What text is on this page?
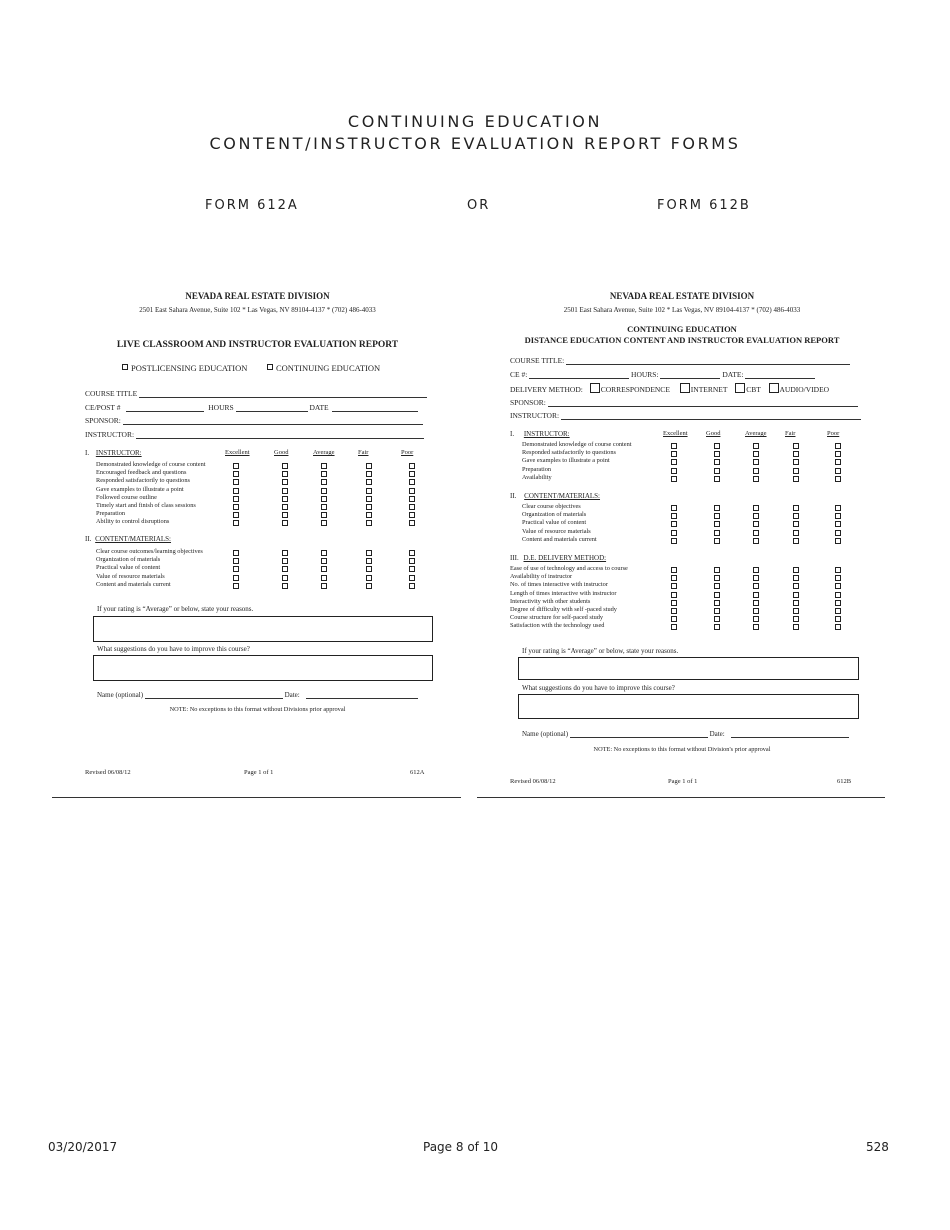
CONTINUING EDUCATION
CONTENT/INSTRUCTOR EVALUATION REPORT FORMS
FORM 612A	OR	FORM 612B
NEVADA REAL ESTATE DIVISION
2501 East Sahara Avenue, Suite 102 * Las Vegas, NV 89104-4137 * (702) 486-4033
LIVE CLASSROOM AND INSTRUCTOR EVALUATION REPORT
POSTLICENSING EDUCATION	CONTINUING EDUCATION
COURSE TITLE
CE/POST #	HOURS	DATE
SPONSOR:
INSTRUCTOR:
I. INSTRUCTOR:	Excellent	Good	Average	Fair	Poor
Demonstrated knowledge of course content
Encouraged feedback and questions
Responded satisfactorily to questions
Gave examples to illustrate a point
Followed course outline
Timely start and finish of class sessions
Preparation
Ability to control disruptions
II. CONTENT/MATERIALS:
Clear course outcomes/learning objectives
Organization of materials
Practical value of content
Value of resource materials
Content and materials current
If your rating is “Average” or below, state your reasons.
What suggestions do you have to improve this course?
Name (optional)	Date:
NOTE: No exceptions to this format without Divisions prior approval
Revised 06/08/12	Page 1 of 1	612A
NEVADA REAL ESTATE DIVISION
2501 East Sahara Avenue, Suite 102 * Las Vegas, NV 89104-4137 * (702) 486-4033
CONTINUING EDUCATION
DISTANCE EDUCATION CONTENT AND INSTRUCTOR EVALUATION REPORT
COURSE TITLE:
CE #:	HOURS:	DATE:
DELIVERY METHOD: CORRESPONDENCE	INTERNET	CBT	AUDIO/VIDEO
SPONSOR:
INSTRUCTOR:
I. INSTRUCTOR:	Excellent	Good	Average	Fair	Poor
Demonstrated knowledge of course content
Responded satisfactorily to questions
Gave examples to illustrate a point
Preparation
Availability
II. CONTENT/MATERIALS:
Clear course objectives
Organization of materials
Practical value of content
Value of resource materials
Content and materials current
III. D.E. DELIVERY METHOD:
Ease of use of technology and access to course
Availability of instructor
No. of times interactive with instructor
Length of times interactive with instructor
Interactivity with other students
Degree of difficulty with self -paced study
Course structure for self-paced study
Satisfaction with the technology used
If your rating is “Average” or below, state your reasons.
What suggestions do you have to improve this course?
Name (optional)	Date:
NOTE: No exceptions to this format without Division's prior approval
Revised 06/08/12	Page 1 of 1	612B
03/20/2017	Page 8 of 10	528
